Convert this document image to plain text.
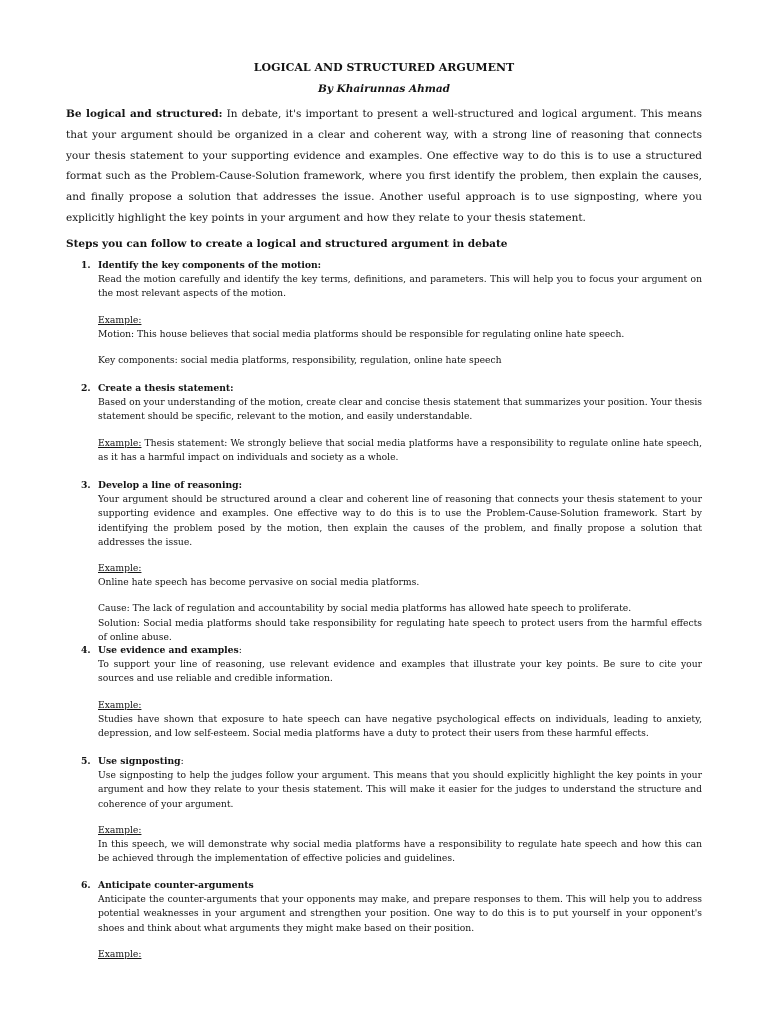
LOGICAL AND STRUCTURED ARGUMENT
By Khairunnas Ahmad

Be logical and structured: In debate, it's important to present a well-structured and logical argument. This means that your argument should be organized in a clear and coherent way, with a strong line of reasoning that connects your thesis statement to your supporting evidence and examples. One effective way to do this is to use a structured format such as the Problem-Cause-Solution framework, where you first identify the problem, then explain the causes, and finally propose a solution that addresses the issue. Another useful approach is to use signposting, where you explicitly highlight the key points in your argument and how they relate to your thesis statement.

Steps you can follow to create a logical and structured argument in debate

1. Identify the key components of the motion:

Read the motion carefully and identify the key terms, definitions, and parameters. This will help you to focus your argument on the most relevant aspects of the motion.

Example:

Motion: This house believes that social media platforms should be responsible for regulating online hate speech.

Key components: social media platforms, responsibility, regulation, online hate speech

2. Create a thesis statement:

Based on your understanding of the motion, create clear and concise thesis statement that summarizes your position. Your thesis statement should be specific, relevant to the motion, and easily understandable.

Example: Thesis statement: We strongly believe that social media platforms have a responsibility to regulate online hate speech, as it has a harmful impact on individuals and society as a whole.

3. Develop a line of reasoning:

Your argument should be structured around a clear and coherent line of reasoning that connects your thesis statement to your supporting evidence and examples. One effective way to do this is to use the Problem-Cause-Solution framework. Start by identifying the problem posed by the motion, then explain the causes of the problem, and finally propose a solution that addresses the issue.

Example:

Online hate speech has become pervasive on social media platforms.

Cause: The lack of regulation and accountability by social media platforms has allowed hate speech to proliferate.

Solution: Social media platforms should take responsibility for regulating hate speech to protect users from the harmful effects of online abuse.

4. Use evidence and examples:

To support your line of reasoning, use relevant evidence and examples that illustrate your key points. Be sure to cite your sources and use reliable and credible information.

Example:

Studies have shown that exposure to hate speech can have negative psychological effects on individuals, leading to anxiety, depression, and low self-esteem. Social media platforms have a duty to protect their users from these harmful effects.

5. Use signposting:

Use signposting to help the judges follow your argument. This means that you should explicitly highlight the key points in your argument and how they relate to your thesis statement. This will make it easier for the judges to understand the structure and coherence of your argument.

Example:

In this speech, we will demonstrate why social media platforms have a responsibility to regulate hate speech and how this can be achieved through the implementation of effective policies and guidelines.

6. Anticipate counter-arguments

Anticipate the counter-arguments that your opponents may make, and prepare responses to them. This will help you to address potential weaknesses in your argument and strengthen your position. One way to do this is to put yourself in your opponent's shoes and think about what arguments they might make based on their position.

Example:
